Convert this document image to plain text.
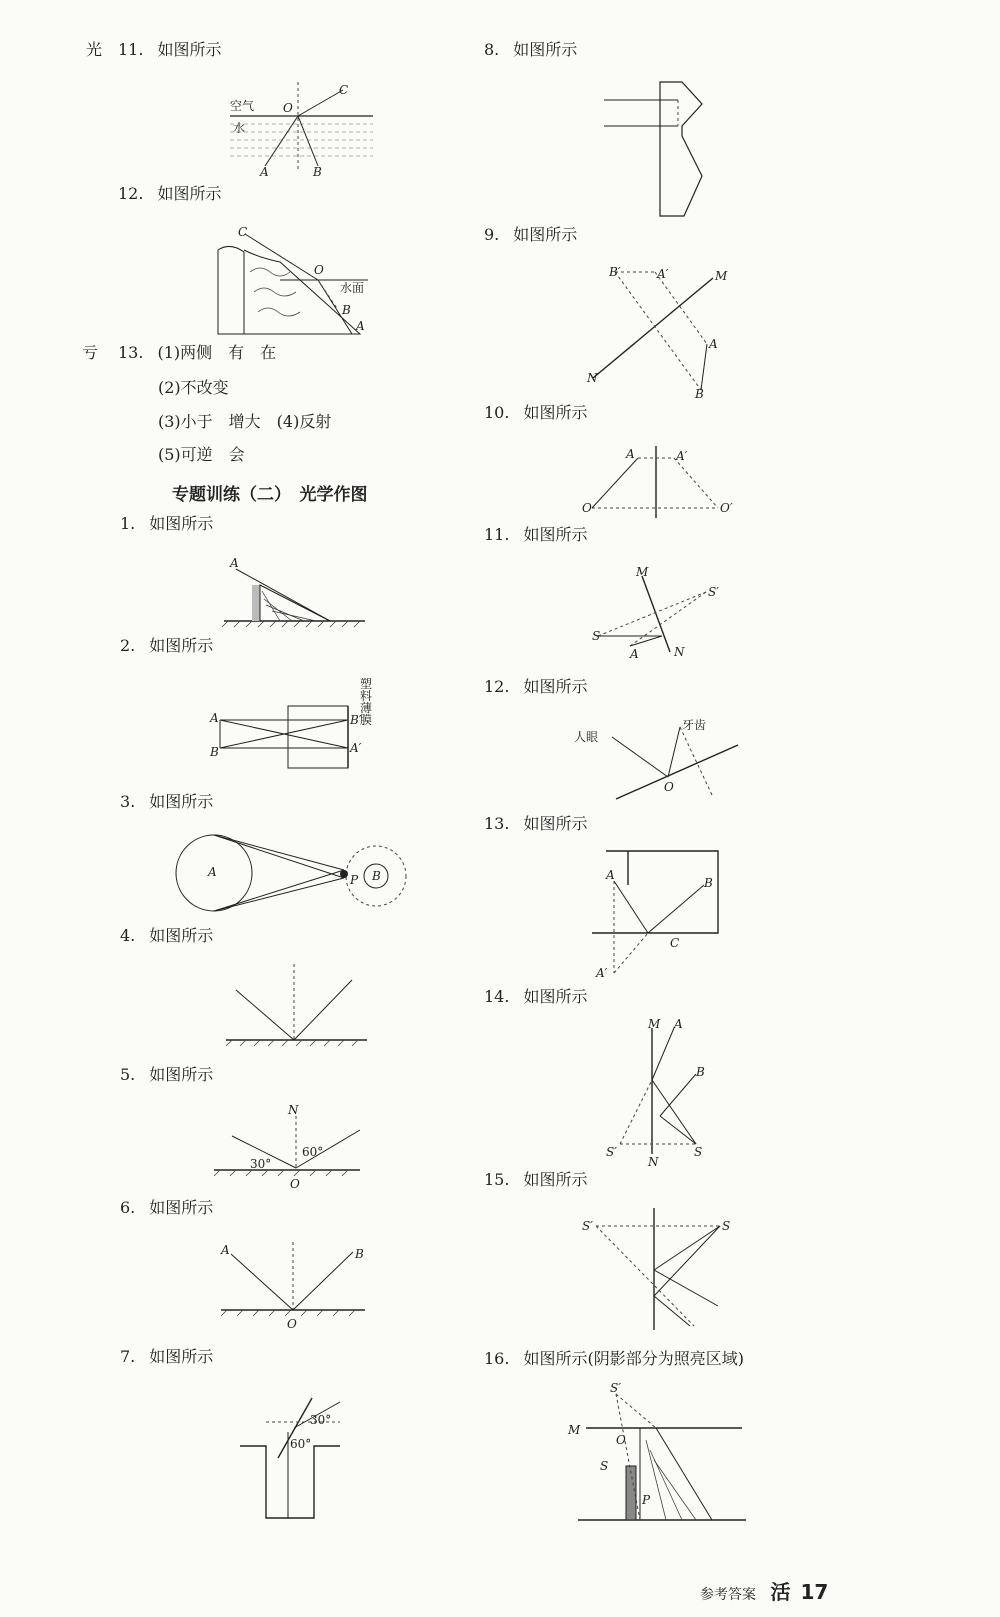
光
亏
11. 如图所示
空气
水
O
C
A	B
12. 如图所示
C
O
水面
B
A
13. (1)两侧　有　在
(2)不改变
(3)小于　增大　(4)反射
(5)可逆　会
专题训练（二）　光学作图
1. 如图所示
A
2. 如图所示
A
B
B′
A′
塑
料
薄
膜
3. 如图所示
A	B
P
4. 如图所示
5. 如图所示
N
O
30°
60°
6. 如图所示
A	B
O
7. 如图所示
30°
60°
8. 如图所示
9. 如图所示
B′	A′	M
N
A
B
10. 如图所示
A	A′
O	O′
11. 如图所示
M
S′
S
A	N
12. 如图所示
人眼
牙齿
O
13. 如图所示
A
B
C
A′
14. 如图所示
M A
B
S′	S
N
15. 如图所示
S′	S
16. 如图所示(阴影部分为照亮区域)
S′
M
O
S
P
参考答案 活 17
